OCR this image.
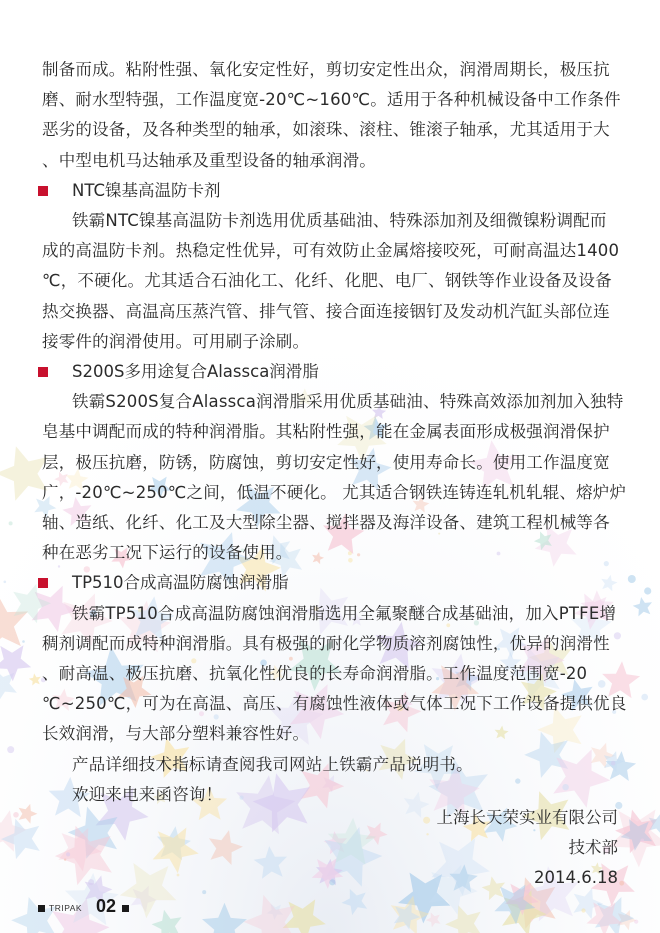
制备而成。粘附性强、氧化安定性好，剪切安定性出众，润滑周期长，极压抗
磨、耐水型特强，工作温度宽-20℃~160℃。适用于各种机械设备中工作条件
恶劣的设备，及各种类型的轴承，如滚珠、滚柱、锥滚子轴承，尤其适用于大
、中型电机马达轴承及重型设备的轴承润滑。
NTC镍基高温防卡剂
铁霸NTC镍基高温防卡剂选用优质基础油、特殊添加剂及细微镍粉调配而
成的高温防卡剂。热稳定性优异，可有效防止金属熔接咬死，可耐高温达1400
℃，不硬化。尤其适合石油化工、化纤、化肥、电厂、钢铁等作业设备及设备
热交换器、高温高压蒸汽管、排气管、接合面连接铟钉及发动机汽缸头部位连
接零件的润滑使用。可用刷子涂刷。
S200S多用途复合Alassca润滑脂
铁霸S200S复合Alassca润滑脂采用优质基础油、特殊高效添加剂加入独特
皂基中调配而成的特种润滑脂。其粘附性强，能在金属表面形成极强润滑保护
层，极压抗磨，防锈，防腐蚀，剪切安定性好，使用寿命长。使用工作温度宽
广，-20℃~250℃之间，低温不硬化。 尤其适合钢铁连铸连轧机轧辊、熔炉炉
轴、造纸、化纤、化工及大型除尘器、搅拌器及海洋设备、建筑工程机械等各
种在恶劣工况下运行的设备使用。
TP510合成高温防腐蚀润滑脂
铁霸TP510合成高温防腐蚀润滑脂选用全氟聚醚合成基础油，加入PTFE增
稠剂调配而成特种润滑脂。具有极强的耐化学物质溶剂腐蚀性，优异的润滑性
、耐高温、极压抗磨、抗氧化性优良的长寿命润滑脂。工作温度范围宽-20
℃~250℃，可为在高温、高压、有腐蚀性液体或气体工况下工作设备提供优良
长效润滑，与大部分塑料兼容性好。
产品详细技术指标请查阅我司网站上铁霸产品说明书。
欢迎来电来函咨询！
上海长天荣实业有限公司
技术部
2014.6.18
TRIPAK 02
